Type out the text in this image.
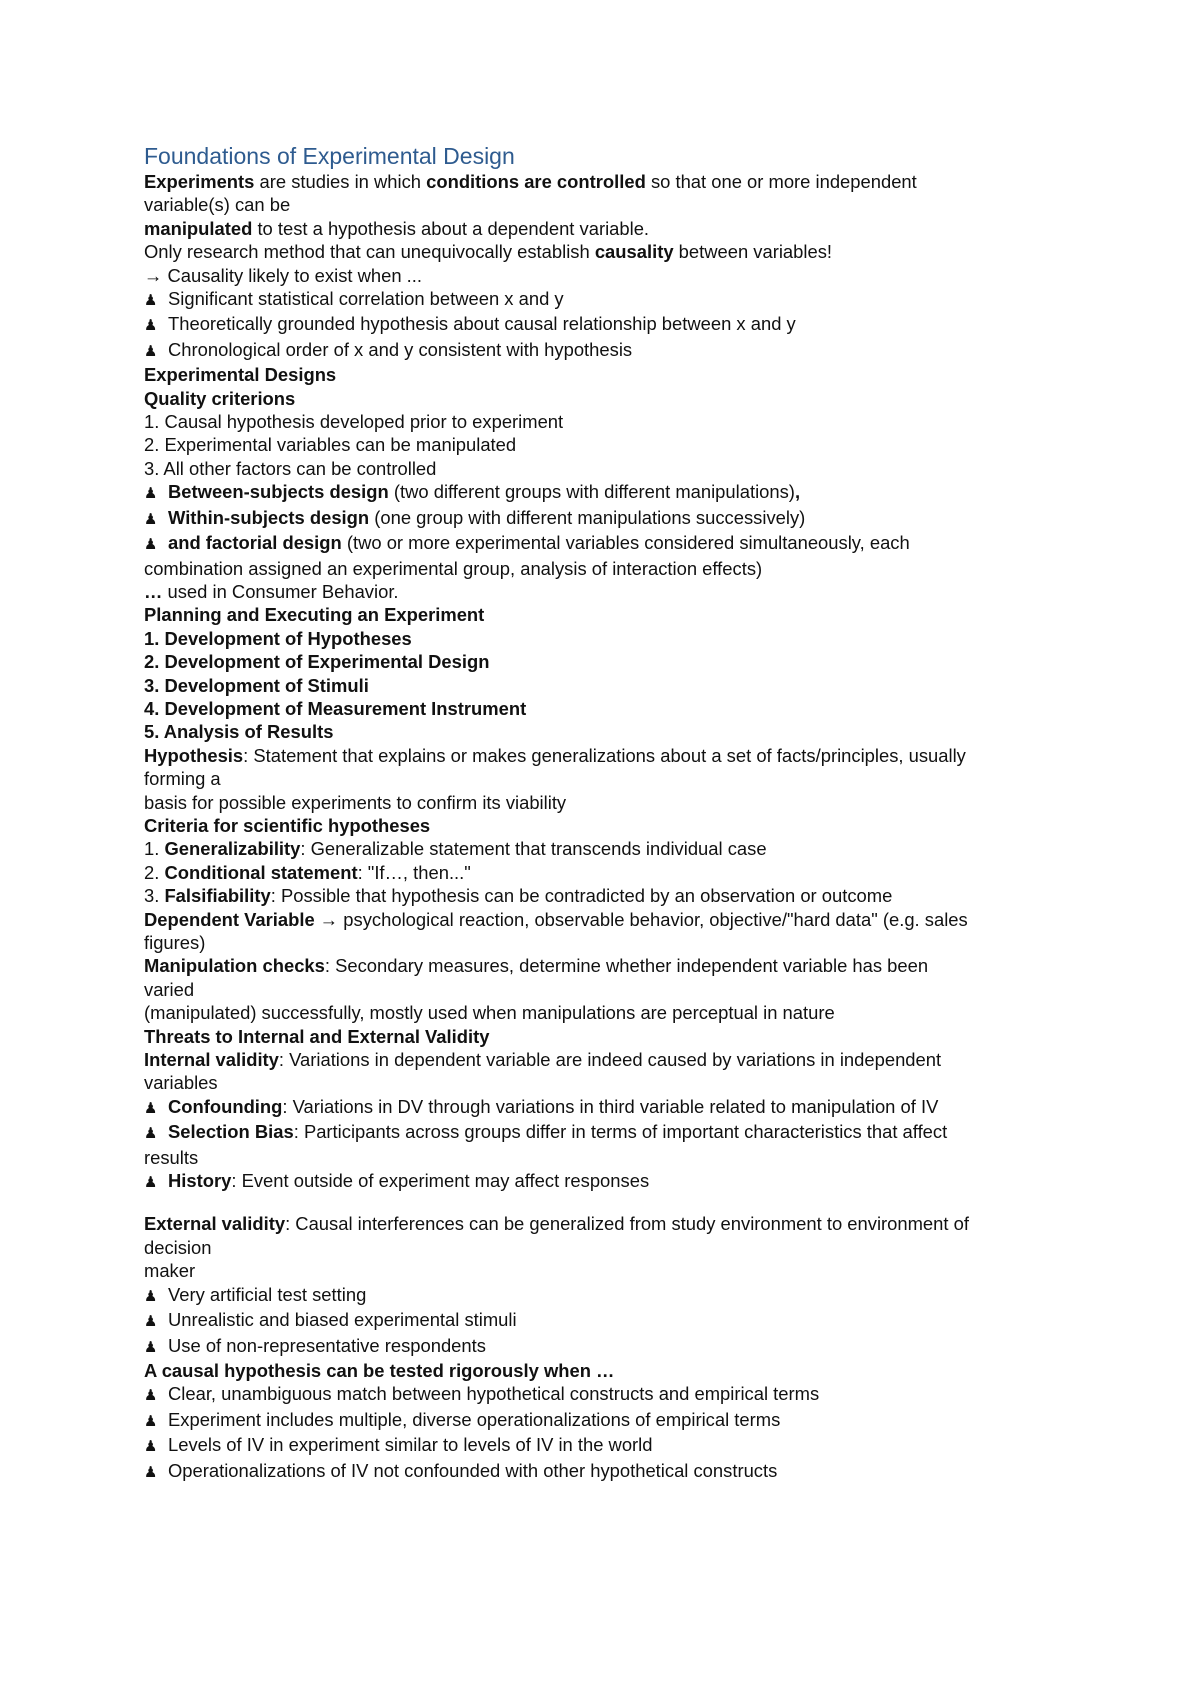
Foundations of Experimental Design
Experiments are studies in which conditions are controlled so that one or more independent
variable(s) can be
manipulated to test a hypothesis about a dependent variable.
Only research method that can unequivocally establish causality between variables!
→ Causality likely to exist when ...
♟ Significant statistical correlation between x and y
♟ Theoretically grounded hypothesis about causal relationship between x and y
♟ Chronological order of x and y consistent with hypothesis
Experimental Designs
Quality criterions
1. Causal hypothesis developed prior to experiment
2. Experimental variables can be manipulated
3. All other factors can be controlled
♟ Between-subjects design (two different groups with different manipulations),
♟ Within-subjects design (one group with different manipulations successively)
♟ and factorial design (two or more experimental variables considered simultaneously, each
combination assigned an experimental group, analysis of interaction effects)
… used in Consumer Behavior.
Planning and Executing an Experiment
1. Development of Hypotheses
2. Development of Experimental Design
3. Development of Stimuli
4. Development of Measurement Instrument
5. Analysis of Results
Hypothesis: Statement that explains or makes generalizations about a set of facts/principles, usually
forming a
basis for possible experiments to confirm its viability
Criteria for scientific hypotheses
1. Generalizability: Generalizable statement that transcends individual case
2. Conditional statement: "If…, then..."
3. Falsifiability: Possible that hypothesis can be contradicted by an observation or outcome
Dependent Variable → psychological reaction, observable behavior, objective/"hard data" (e.g. sales
figures)
Manipulation checks: Secondary measures, determine whether independent variable has been
varied
(manipulated) successfully, mostly used when manipulations are perceptual in nature
Threats to Internal and External Validity
Internal validity: Variations in dependent variable are indeed caused by variations in independent
variables
♟ Confounding: Variations in DV through variations in third variable related to manipulation of IV
♟ Selection Bias: Participants across groups differ in terms of important characteristics that affect
results
♟ History: Event outside of experiment may affect responses
External validity: Causal interferences can be generalized from study environment to environment of
decision
maker
♟ Very artificial test setting
♟ Unrealistic and biased experimental stimuli
♟ Use of non-representative respondents
A causal hypothesis can be tested rigorously when …
♟ Clear, unambiguous match between hypothetical constructs and empirical terms
♟ Experiment includes multiple, diverse operationalizations of empirical terms
♟ Levels of IV in experiment similar to levels of IV in the world
♟ Operationalizations of IV not confounded with other hypothetical constructs
